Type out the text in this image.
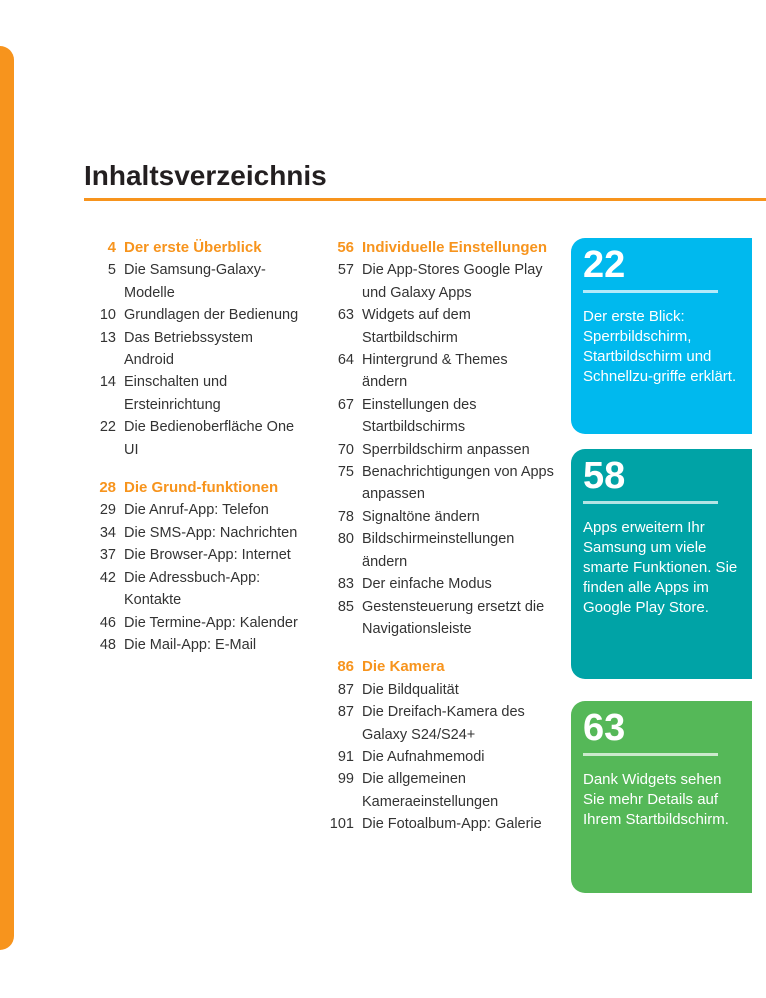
Inhaltsverzeichnis
4 Der erste Überblick
5 Die Samsung-Galaxy-Modelle
10 Grundlagen der Bedienung
13 Das Betriebssystem Android
14 Einschalten und Ersteinrichtung
22 Die Bedienoberfläche One UI
28 Die Grund-funktionen
29 Die Anruf-App: Telefon
34 Die SMS-App: Nachrichten
37 Die Browser-App: Internet
42 Die Adressbuch-App: Kontakte
46 Die Termine-App: Kalender
48 Die Mail-App: E-Mail
56 Individuelle Einstellungen
57 Die App-Stores Google Play und Galaxy Apps
63 Widgets auf dem Startbildschirm
64 Hintergrund & Themes ändern
67 Einstellungen des Startbildschirms
70 Sperrbildschirm anpassen
75 Benachrichtigungen von Apps anpassen
78 Signaltöne ändern
80 Bildschirmeinstellungen ändern
83 Der einfache Modus
85 Gestensteuerung ersetzt die Navigationsleiste
86 Die Kamera
87 Die Bildqualität
87 Die Dreifach-Kamera des Galaxy S24/S24+
91 Die Aufnahmemodi
99 Die allgemeinen Kameraeinstellungen
101 Die Fotoalbum-App: Galerie
22
Der erste Blick: Sperrbildschirm, Startbildschirm und Schnellzu-griffe erklärt.
58
Apps erweitern Ihr Samsung um viele smarte Funktionen. Sie finden alle Apps im Google Play Store.
63
Dank Widgets sehen Sie mehr Details auf Ihrem Startbildschirm.
